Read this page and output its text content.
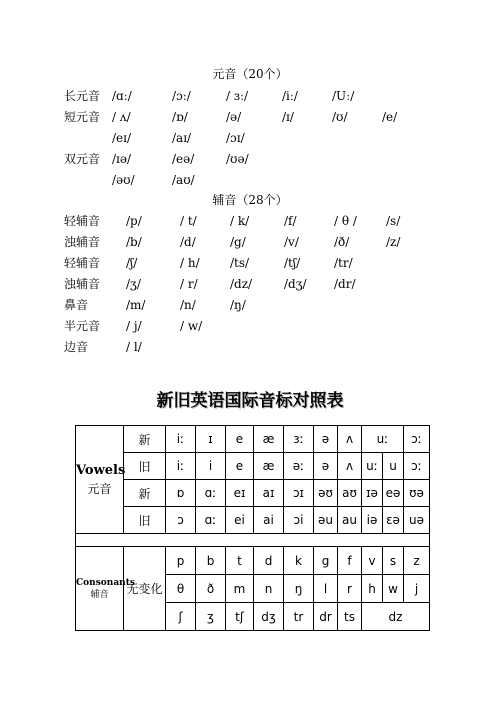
元音（20个）
长元音 /ɑː/	/ɔː/	/ ɜː/	/iː/	/Uː/
短元音 / ʌ/	/ɒ/	/ə/	/ɪ/	/ʊ/	/e/
/eɪ/	/aɪ/	/ɔɪ/
双元音 /ɪə/	/eə/	/ʊə/
/əʊ/	/aʊ/
辅音（28个）
轻辅音 /p/	/ t/	/ k/	/f/	/ θ / /s/
浊辅音 /b/	/d/	/g/	/v/	/ð/	/z/
轻辅音 /ʃ/	/ h/	/ts/	/tʃ/	/tr/
浊辅音 /ʒ/	/ r/	/dz/	/dʒ/ /dr/
鼻音	/m/	/n/	/ŋ/
半元音 / j/	/ w/
边音	/ l/
新旧英语国际音标对照表
Vowels
元音	新	iː	ɪ	e	æ	ɜː	ə	ʌ	uː		ɔː
	旧	iː	i	e	æ	əː	ə	ʌ	uː	u	ɔː
	新	ɒ	ɑː	eɪ	aɪ	ɔɪ	əʊ	aʊ	ɪə	eə	ʊə
	旧	ɔ	ɑː	ei	ai	ɔi	əu	au	iə	ɛə	uə

Consonants
辅音	无变化	p	b	t	d	k	g	f	v	s	z
		θ	ð	m	n	ŋ	l	r	h	w	j
		ʃ	ʒ	tʃ	dʒ	tr	dr	ts	dz		
